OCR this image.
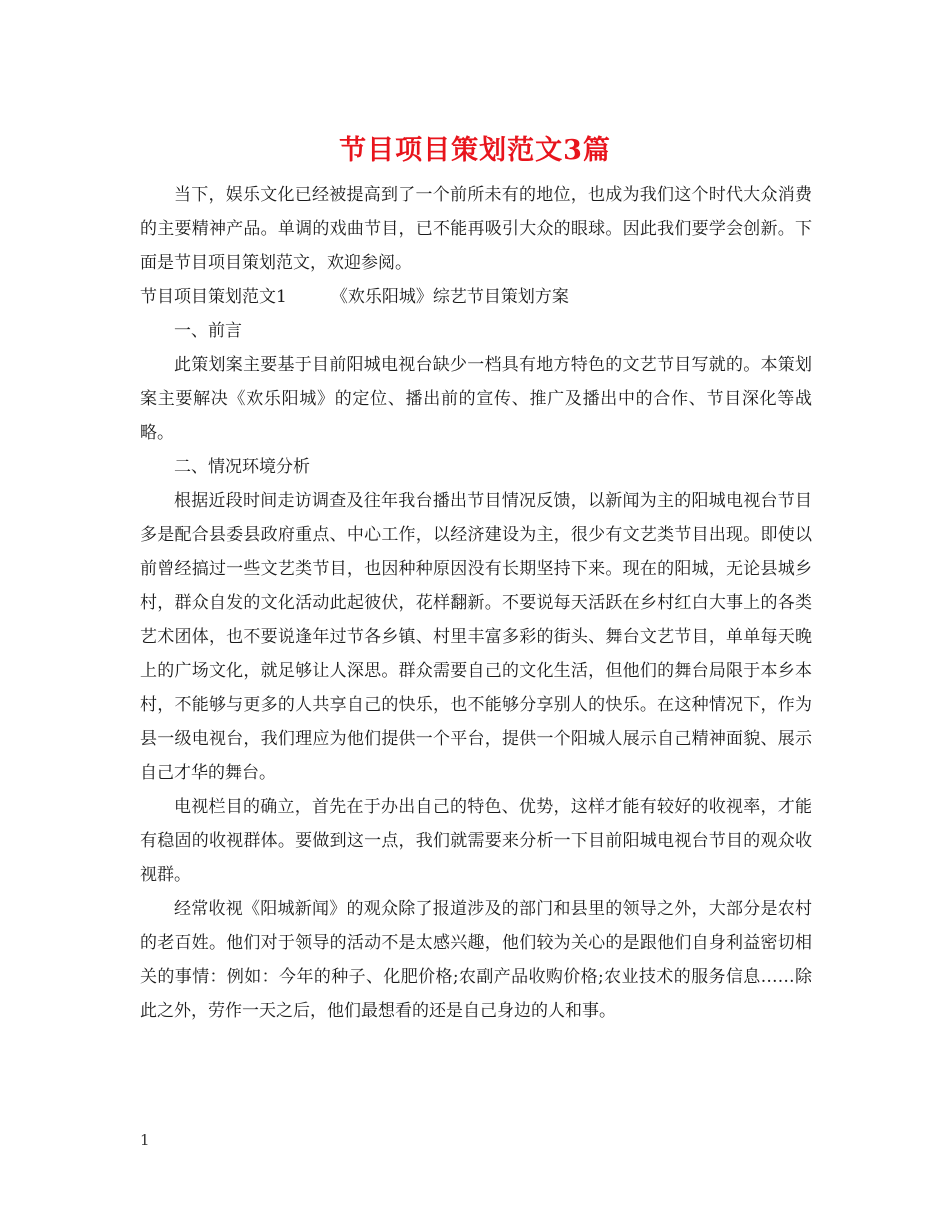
节目项目策划范文3篇

当下，娱乐文化已经被提高到了一个前所未有的地位，也成为我们这个时代大众消费的主要精神产品。单调的戏曲节目，已不能再吸引大众的眼球。因此我们要学会创新。下面是节目项目策划范文，欢迎参阅。

节目项目策划范文1	《欢乐阳城》综艺节目策划方案

一、前言

此策划案主要基于目前阳城电视台缺少一档具有地方特色的文艺节目写就的。本策划案主要解决《欢乐阳城》的定位、播出前的宣传、推广及播出中的合作、节目深化等战略。

二、情况环境分析

根据近段时间走访调查及往年我台播出节目情况反馈，以新闻为主的阳城电视台节目多是配合县委县政府重点、中心工作，以经济建设为主，很少有文艺类节目出现。即使以前曾经搞过一些文艺类节目，也因种种原因没有长期坚持下来。现在的阳城，无论县城乡村，群众自发的文化活动此起彼伏，花样翻新。不要说每天活跃在乡村红白大事上的各类艺术团体，也不要说逢年过节各乡镇、村里丰富多彩的街头、舞台文艺节目，单单每天晚上的广场文化，就足够让人深思。群众需要自己的文化生活，但他们的舞台局限于本乡本村，不能够与更多的人共享自己的快乐，也不能够分享别人的快乐。在这种情况下，作为县一级电视台，我们理应为他们提供一个平台，提供一个阳城人展示自己精神面貌、展示自己才华的舞台。

电视栏目的确立，首先在于办出自己的特色、优势，这样才能有较好的收视率，才能有稳固的收视群体。要做到这一点，我们就需要来分析一下目前阳城电视台节目的观众收视群。

经常收视《阳城新闻》的观众除了报道涉及的部门和县里的领导之外，大部分是农村的老百姓。他们对于领导的活动不是太感兴趣，他们较为关心的是跟他们自身利益密切相关的事情：例如：今年的种子、化肥价格;农副产品收购价格;农业技术的服务信息……除此之外，劳作一天之后，他们最想看的还是自己身边的人和事。

1
